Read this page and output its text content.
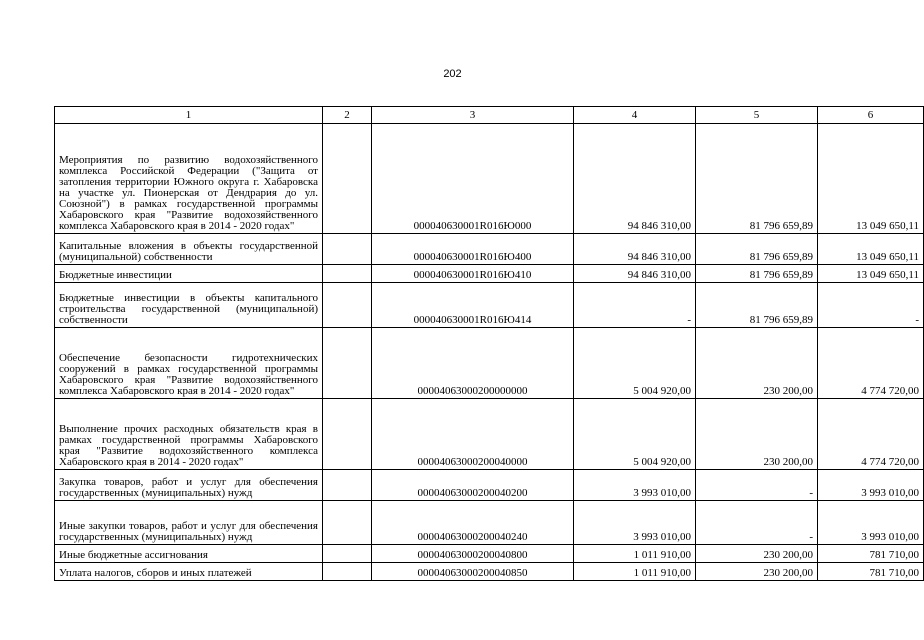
202
1	2	3	4	5	6
Мероприятия по развитию водохозяйственного комплекса Российской Федерации ("Защита от затопления территории Южного округа г. Хабаровска на участке ул. Пионерская от Дендрария до ул. Союзной") в рамках государственной программы Хабаровского края "Развитие водохозяйственного комплекса Хабаровского края в 2014 - 2020 годах"		000040630001R016Ю000	94 846 310,00	81 796 659,89	13 049 650,11
Капитальные вложения в объекты государственной (муниципальной) собственности		000040630001R016Ю400	94 846 310,00	81 796 659,89	13 049 650,11
Бюджетные инвестиции		000040630001R016Ю410	94 846 310,00	81 796 659,89	13 049 650,11
Бюджетные инвестиции в объекты капитального строительства государственной (муниципальной) собственности		000040630001R016Ю414	-	81 796 659,89	-
Обеспечение безопасности гидротехнических сооружений в рамках государственной программы Хабаровского края "Развитие водохозяйственного комплекса Хабаровского края в 2014 - 2020 годах"		00004063000200000000	5 004 920,00	230 200,00	4 774 720,00
Выполнение прочих расходных обязательств края в рамках государственной программы Хабаровского края "Развитие водохозяйственного комплекса Хабаровского края в 2014 - 2020 годах"		00004063000200040000	5 004 920,00	230 200,00	4 774 720,00
Закупка товаров, работ и услуг для обеспечения государственных (муниципальных) нужд		00004063000200040200	3 993 010,00	-	3 993 010,00
Иные закупки товаров, работ и услуг для обеспечения государственных (муниципальных) нужд		00004063000200040240	3 993 010,00	-	3 993 010,00
Иные бюджетные ассигнования		00004063000200040800	1 011 910,00	230 200,00	781 710,00
Уплата налогов, сборов и иных платежей		00004063000200040850	1 011 910,00	230 200,00	781 710,00
